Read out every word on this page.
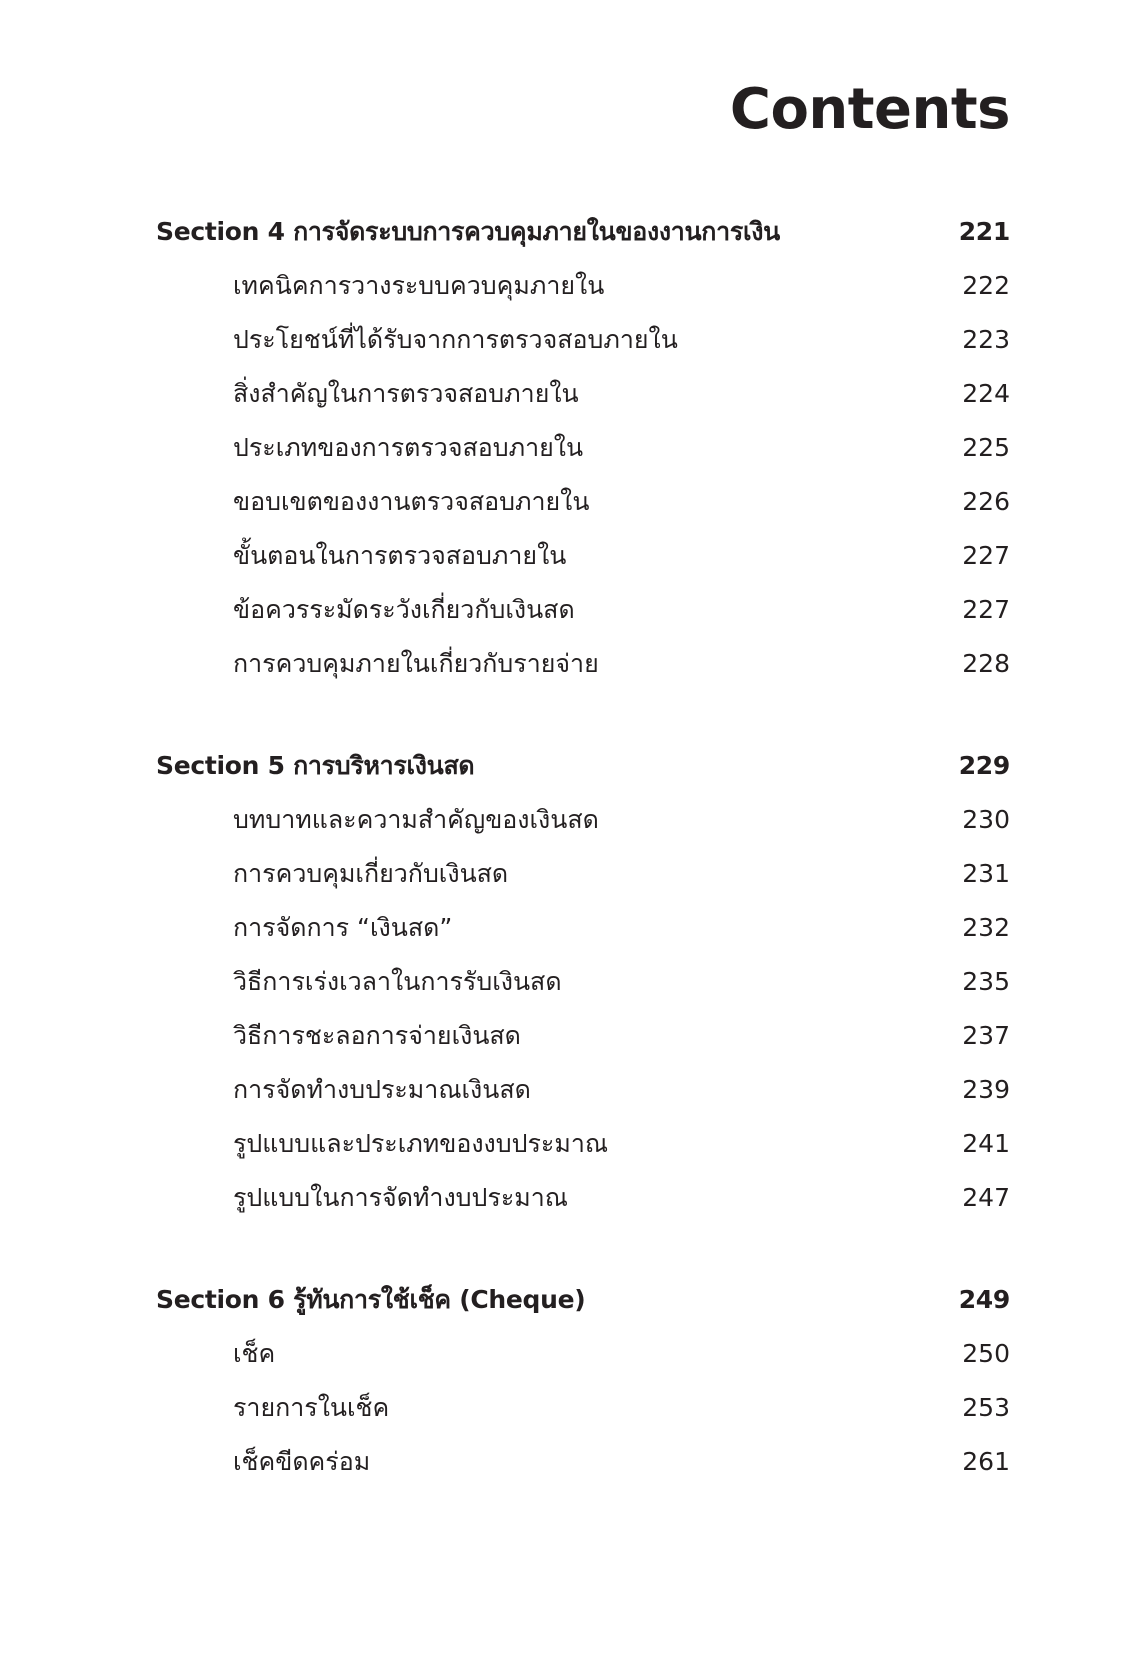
Contents
Section 4 การจัดระบบการควบคุมภายในของงานการเงิน	221
เทคนิคการวางระบบควบคุมภายใน	222
ประโยชน์ที่ได้รับจากการตรวจสอบภายใน	223
สิ่งสำคัญในการตรวจสอบภายใน	224
ประเภทของการตรวจสอบภายใน	225
ขอบเขตของงานตรวจสอบภายใน	226
ขั้นตอนในการตรวจสอบภายใน	227
ข้อควรระมัดระวังเกี่ยวกับเงินสด	227
การควบคุมภายในเกี่ยวกับรายจ่าย	228
Section 5 การบริหารเงินสด	229
บทบาทและความสำคัญของเงินสด	230
การควบคุมเกี่ยวกับเงินสด	231
การจัดการ “เงินสด”	232
วิธีการเร่งเวลาในการรับเงินสด	235
วิธีการชะลอการจ่ายเงินสด	237
การจัดทำงบประมาณเงินสด	239
รูปแบบและประเภทของงบประมาณ	241
รูปแบบในการจัดทำงบประมาณ	247
Section 6 รู้ทันการใช้เช็ค (Cheque)	249
เช็ค	250
รายการในเช็ค	253
เช็คขีดคร่อม	261
